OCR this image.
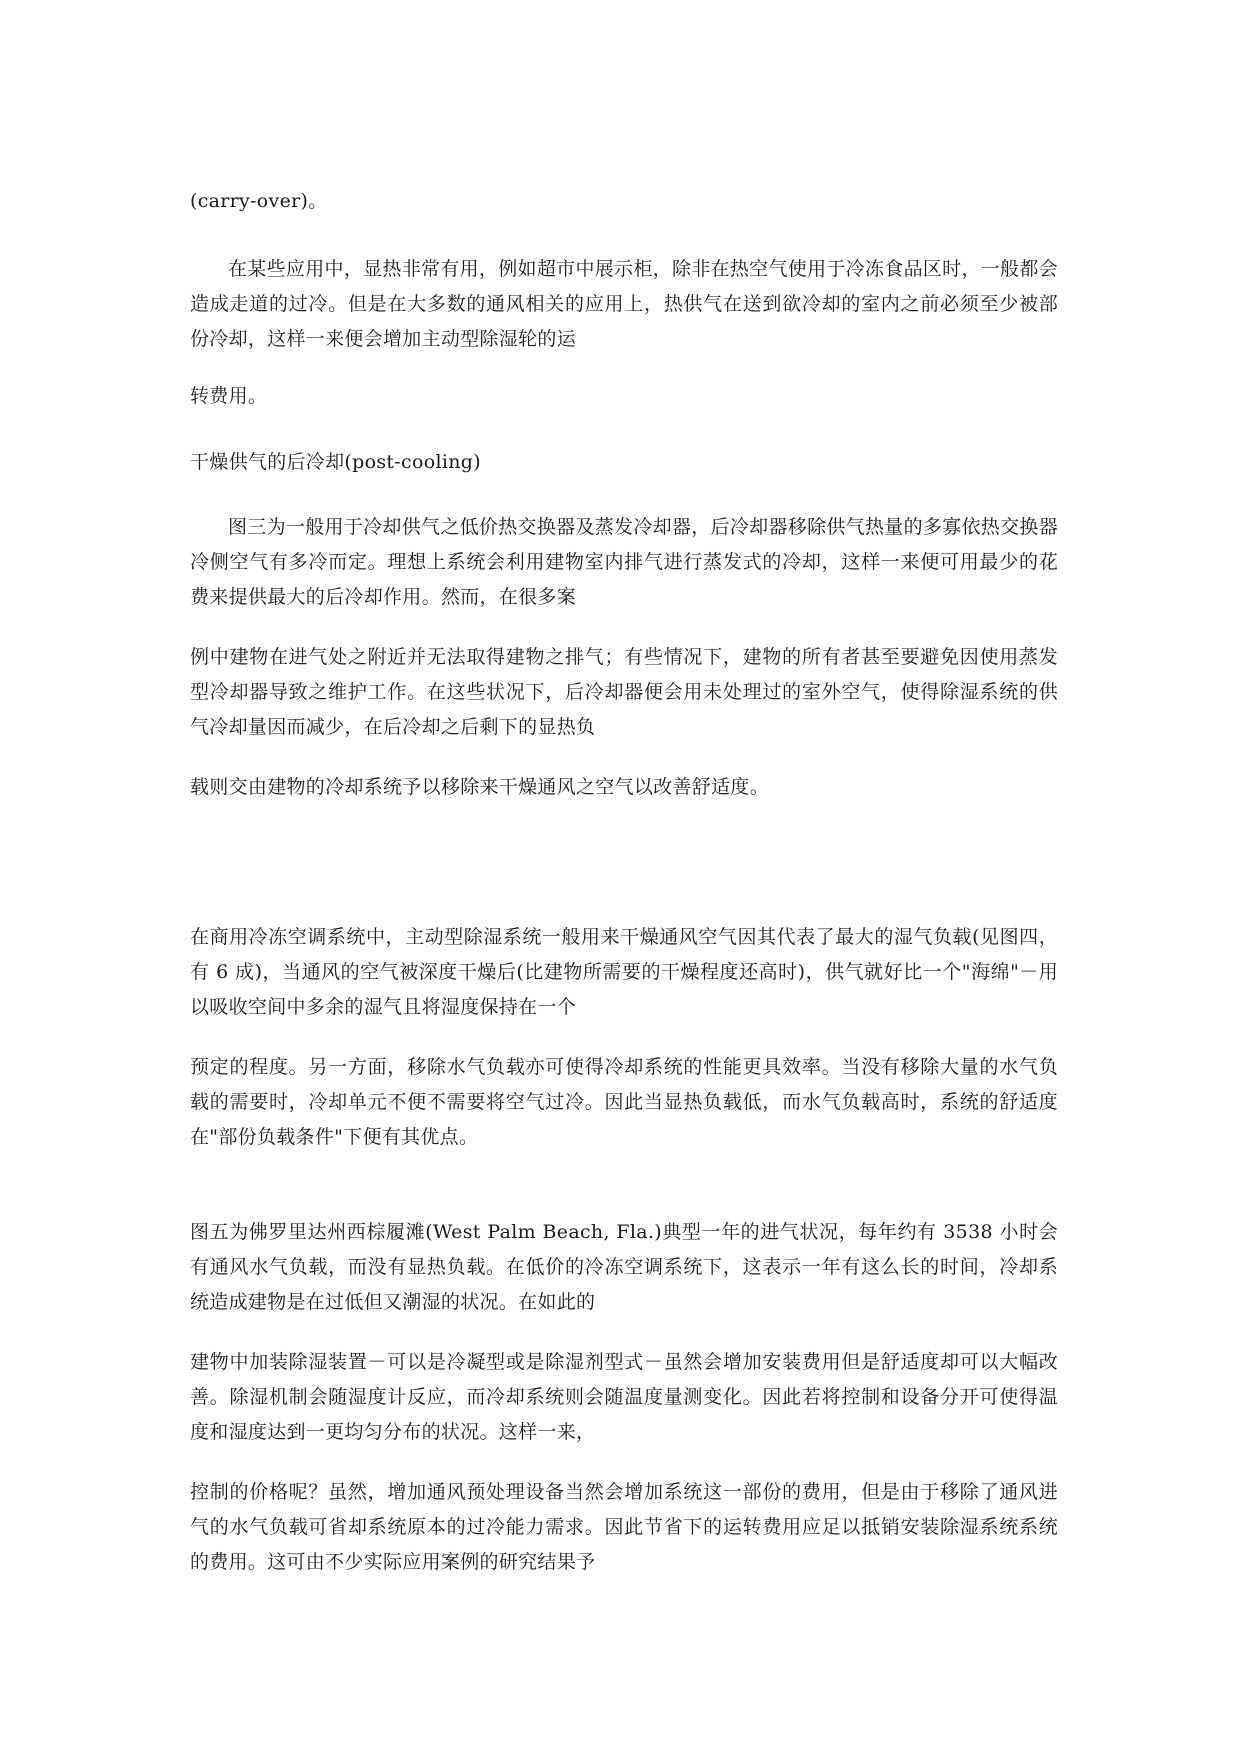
(carry-over)。

在某些应用中，显热非常有用，例如超市中展示柜，除非在热空气使用于冷冻食品区时，一般都会造成走道的过冷。但是在大多数的通风相关的应用上，热供气在送到欲冷却的室内之前必须至少被部份冷却，这样一来便会增加主动型除湿轮的运

转费用。

干燥供气的后冷却(post-cooling)

图三为一般用于冷却供气之低价热交换器及蒸发冷却器，后冷却器移除供气热量的多寡依热交换器冷侧空气有多冷而定。理想上系统会利用建物室内排气进行蒸发式的冷却，这样一来便可用最少的花费来提供最大的后冷却作用。然而，在很多案

例中建物在进气处之附近并无法取得建物之排气；有些情况下，建物的所有者甚至要避免因使用蒸发型冷却器导致之维护工作。在这些状况下，后冷却器便会用未处理过的室外空气，使得除湿系统的供气冷却量因而减少，在后冷却之后剩下的显热负

载则交由建物的冷却系统予以移除来干燥通风之空气以改善舒适度。

在商用冷冻空调系统中，主动型除湿系统一般用来干燥通风空气因其代表了最大的湿气负载(见图四，有 6 成)，当通风的空气被深度干燥后(比建物所需要的干燥程度还高时)，供气就好比一个"海绵"－用以吸收空间中多余的湿气且将湿度保持在一个

预定的程度。另一方面，移除水气负载亦可使得冷却系统的性能更具效率。当没有移除大量的水气负载的需要时，冷却单元不便不需要将空气过冷。因此当显热负载低，而水气负载高时，系统的舒适度在"部份负载条件"下便有其优点。

图五为佛罗里达州西棕履滩(West Palm Beach, Fla.)典型一年的进气状况，每年约有 3538 小时会有通风水气负载，而没有显热负载。在低价的冷冻空调系统下，这表示一年有这么长的时间，冷却系统造成建物是在过低但又潮湿的状况。在如此的

建物中加装除湿装置－可以是冷凝型或是除湿剂型式－虽然会增加安装费用但是舒适度却可以大幅改善。除湿机制会随湿度计反应，而冷却系统则会随温度量测变化。因此若将控制和设备分开可使得温度和湿度达到一更均匀分布的状况。这样一来，

控制的价格呢？虽然，增加通风预处理设备当然会增加系统这一部份的费用，但是由于移除了通风进气的水气负载可省却系统原本的过冷能力需求。因此节省下的运转费用应足以抵销安装除湿系统系统的费用。这可由不少实际应用案例的研究结果予
